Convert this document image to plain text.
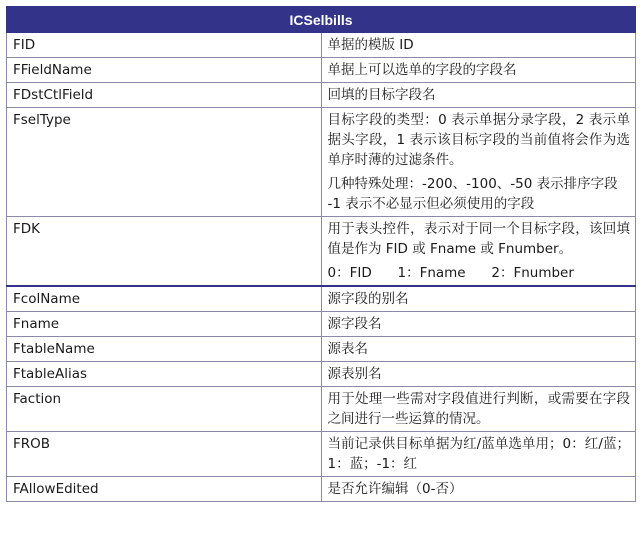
ICSelbills	
FID	单据的模版 ID

FFieldName	单据上可以选单的字段的字段名

FDstCtlField	回填的目标字段名

FselType	目标字段的类型：0 表示单据分录字段，2 表示单据头字段，1 表示该目标字段的当前值将会作为选单序时薄的过滤条件。
几种特殊处理：-200、-100、-50 表示排序字段
-1 表示不必显示但必须使用的字段

FDK	用于表头控件，表示对于同一个目标字段，该回填值是作为 FID 或 Fname 或 Fnumber。
0：FID      1：Fname      2：Fnumber

FcolName	源字段的别名

Fname	源字段名

FtableName	源表名

FtableAlias	源表别名

Faction	用于处理一些需对字段值进行判断，或需要在字段之间进行一些运算的情况。

FROB	当前记录供目标单据为红/蓝单选单用；0：红/蓝；1：蓝；-1：红

FAllowEdited	是否允许编辑（0-否）
